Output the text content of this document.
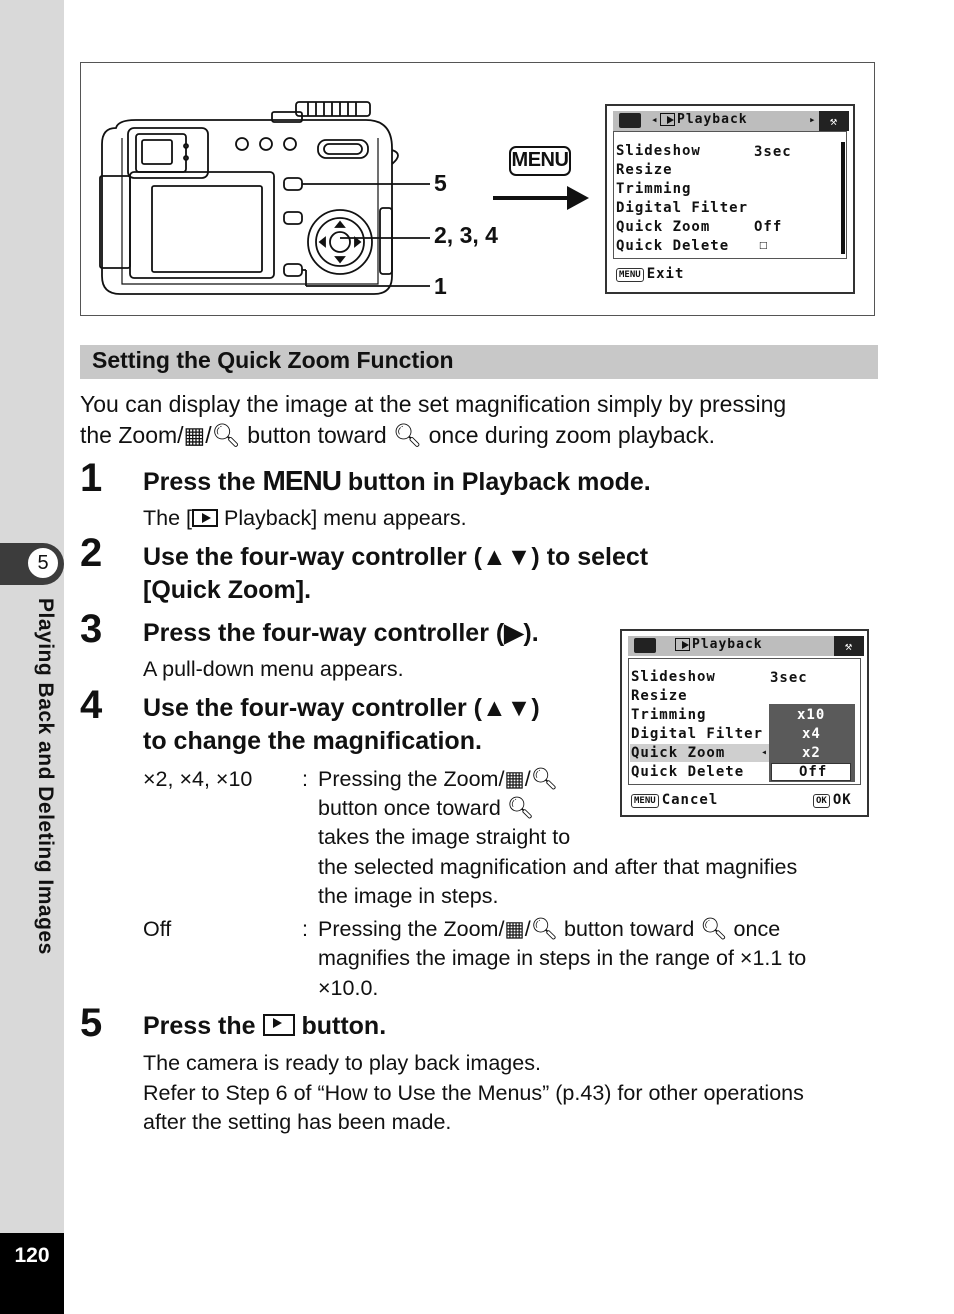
5
Playing Back and Deleting Images
120
5
2, 3, 4
1
MENU
◂ Playback	▸	⚒
Slideshow	3sec
Resize
Trimming
Digital Filter
Quick Zoom	Off
Quick Delete ☐
MENU Exit
Setting the Quick Zoom Function
You can display the image at the set magnification simply by pressing
the Zoom/▦/🔍︎ button toward 🔍︎ once during zoom playback.
1 Press the MENU button in Playback mode.
The [ Playback] menu appears.
2 Use the four-way controller (▲▼) to select
[Quick Zoom].
3 Press the four-way controller (▶).
A pull-down menu appears.
4 Use the four-way controller (▲▼)
to change the magnification.
Playback	⚒
Slideshow	3sec
Resize
Trimming
Digital Filter
Quick Zoom
Quick Delete
◂
x10
x4
x2
Off
MENU Cancel	OK OK
×2, ×4, ×10 : Pressing the Zoom/▦/🔍︎
button once toward 🔍︎
takes the image straight to
the selected magnification and after that magnifies
the image in steps.
Off	: Pressing the Zoom/▦/🔍︎ button toward 🔍︎ once
magnifies the image in steps in the range of ×1.1 to
×10.0.
5 Press the  button.
The camera is ready to play back images.
Refer to Step 6 of “How to Use the Menus” (p.43) for other operations
after the setting has been made.
